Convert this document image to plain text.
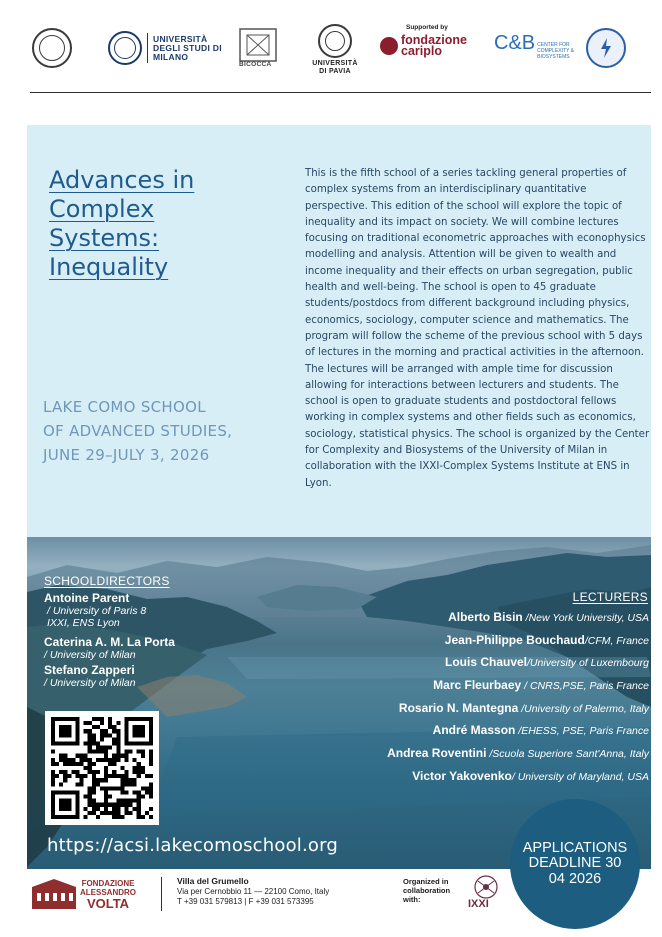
UNIVERSITÀ DEGLI STUDI DI MILANO
BICOCCA	UNIVERSITÀ DI PAVIA
Supported by
fondazione cariplo	C&B CENTER FOR COMPLEXITY & BIOSYSTEMS
Advances in
Complex
Systems:
Inequality
LAKE COMO SCHOOL
OF ADVANCED STUDIES,
JUNE 29–JULY 3, 2026
This is the fifth school of a series tackling general properties of complex systems from an interdisciplinary quantitative perspective. This edition of the school will explore the topic of inequality and its impact on society. We will combine lectures focusing on traditional econometric approaches with econophysics modelling and analysis. Attention will be given to wealth and income inequality and their effects on urban segregation, public health and well-being. The school is open to 45 graduate students/postdocs from different background including physics, economics, sociology, computer science and mathematics. The program will follow the scheme of the previous school with 5 days of lectures in the morning and practical activities in the afternoon. The lectures will be arranged with ample time for discussion allowing for interactions between lecturers and students. The school is open to graduate students and postdoctoral fellows working in complex systems and other fields such as economics, sociology, statistical physics. The school is organized by the Center for Complexity and Biosystems of the University of Milan in collaboration with the IXXI-Complex Systems Institute at ENS in Lyon.
SCHOOLDIRECTORS
Antoine Parent
/ University of Paris 8
IXXI, ENS Lyon
Caterina A. M. La Porta
/ University of Milan
Stefano Zapperi
/ University of Milan
LECTURERS
Alberto Bisin /New York University, USA
Jean-Philippe Bouchaud/CFM, France
Louis Chauvel/University of Luxembourg
Marc Fleurbaey / CNRS,PSE, Paris France
Rosario N. Mantegna /University of Palermo, Italy
André Masson /EHESS, PSE, Paris France
Andrea Roventini /Scuola Superiore Sant'Anna, Italy
Victor Yakovenko/ University of Maryland, USA
https://acsi.lakecomoschool.org	APPLICATIONS
DEADLINE 30
04 2026
FONDAZIONE
ALESSANDRO
VOLTA
Villa del Grumello
Via per Cernobbio 11 — 22100 Como, Italy
T +39 031 579813 | F +39 031 573395
Organized in collaboration with:	IXXI
